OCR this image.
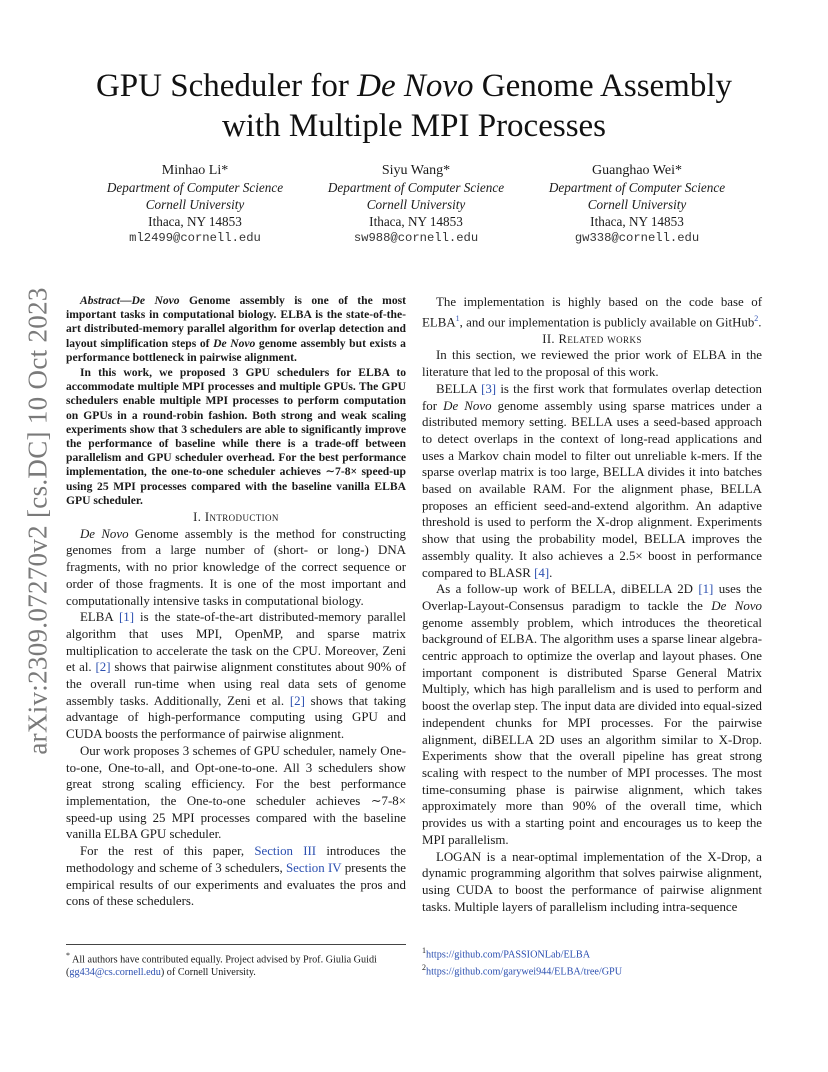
arXiv:2309.07270v2 [cs.DC] 10 Oct 2023
GPU Scheduler for De Novo Genome Assembly
with Multiple MPI Processes
Minhao Li*
Department of Computer Science
Cornell University
Ithaca, NY 14853
ml2499@cornell.edu
Siyu Wang*
Department of Computer Science
Cornell University
Ithaca, NY 14853
sw988@cornell.edu
Guanghao Wei*
Department of Computer Science
Cornell University
Ithaca, NY 14853
gw338@cornell.edu

Abstract—De Novo Genome assembly is one of the most important tasks in computational biology. ELBA is the state-of-the-art distributed-memory parallel algorithm for overlap detection and layout simplification steps of De Novo genome assembly but exists a performance bottleneck in pairwise alignment.

In this work, we proposed 3 GPU schedulers for ELBA to accommodate multiple MPI processes and multiple GPUs. The GPU schedulers enable multiple MPI processes to perform computation on GPUs in a round-robin fashion. Both strong and weak scaling experiments show that 3 schedulers are able to significantly improve the performance of baseline while there is a trade-off between parallelism and GPU scheduler overhead. For the best performance implementation, the one-to-one scheduler achieves ∼7-8× speed-up using 25 MPI processes compared with the baseline vanilla ELBA GPU scheduler.

I. Introduction

De Novo Genome assembly is the method for constructing genomes from a large number of (short- or long-) DNA fragments, with no prior knowledge of the correct sequence or order of those fragments. It is one of the most important and computationally intensive tasks in computational biology.

ELBA [1] is the state-of-the-art distributed-memory parallel algorithm that uses MPI, OpenMP, and sparse matrix multiplication to accelerate the task on the CPU. Moreover, Zeni et al. [2] shows that pairwise alignment constitutes about 90% of the overall run-time when using real data sets of genome assembly tasks. Additionally, Zeni et al. [2] shows that taking advantage of high-performance computing using GPU and CUDA boosts the performance of pairwise alignment.

Our work proposes 3 schemes of GPU scheduler, namely One-to-one, One-to-all, and Opt-one-to-one. All 3 schedulers show great strong scaling efficiency. For the best performance implementation, the One-to-one scheduler achieves ∼7-8× speed-up using 25 MPI processes compared with the baseline vanilla ELBA GPU scheduler.

For the rest of this paper, Section III introduces the methodology and scheme of 3 schedulers, Section IV presents the empirical results of our experiments and evaluates the pros and cons of these schedulers.

* All authors have contributed equally. Project advised by Prof. Giulia Guidi (gg434@cs.cornell.edu) of Cornell University.

The implementation is highly based on the code base of ELBA$^1$, and our implementation is publicly available on GitHub$^2$.

II. Related works

In this section, we reviewed the prior work of ELBA in the literature that led to the proposal of this work.

BELLA [3] is the first work that formulates overlap detection for De Novo genome assembly using sparse matrices under a distributed memory setting. BELLA uses a seed-based approach to detect overlaps in the context of long-read applications and uses a Markov chain model to filter out unreliable k-mers. If the sparse overlap matrix is too large, BELLA divides it into batches based on available RAM. For the alignment phase, BELLA proposes an efficient seed-and-extend algorithm. An adaptive threshold is used to perform the X-drop alignment. Experiments show that using the probability model, BELLA improves the assembly quality. It also achieves a 2.5× boost in performance compared to BLASR [4].

As a follow-up work of BELLA, diBELLA 2D [1] uses the Overlap-Layout-Consensus paradigm to tackle the De Novo genome assembly problem, which introduces the theoretical background of ELBA. The algorithm uses a sparse linear algebra-centric approach to optimize the overlap and layout phases. One important component is distributed Sparse General Matrix Multiply, which has high parallelism and is used to perform and boost the overlap step. The input data are divided into equal-sized independent chunks for MPI processes. For the pairwise alignment, diBELLA 2D uses an algorithm similar to X-Drop. Experiments show that the overall pipeline has great strong scaling with respect to the number of MPI processes. The most time-consuming phase is pairwise alignment, which takes approximately more than 90% of the overall time, which provides us with a starting point and encourages us to keep the MPI parallelism.

LOGAN is a near-optimal implementation of the X-Drop, a dynamic programming algorithm that solves pairwise alignment, using CUDA to boost the performance of pairwise alignment tasks. Multiple layers of parallelism including intra-sequence

$^1$https://github.com/PASSIONLab/ELBA
$^2$https://github.com/garywei944/ELBA/tree/GPU
